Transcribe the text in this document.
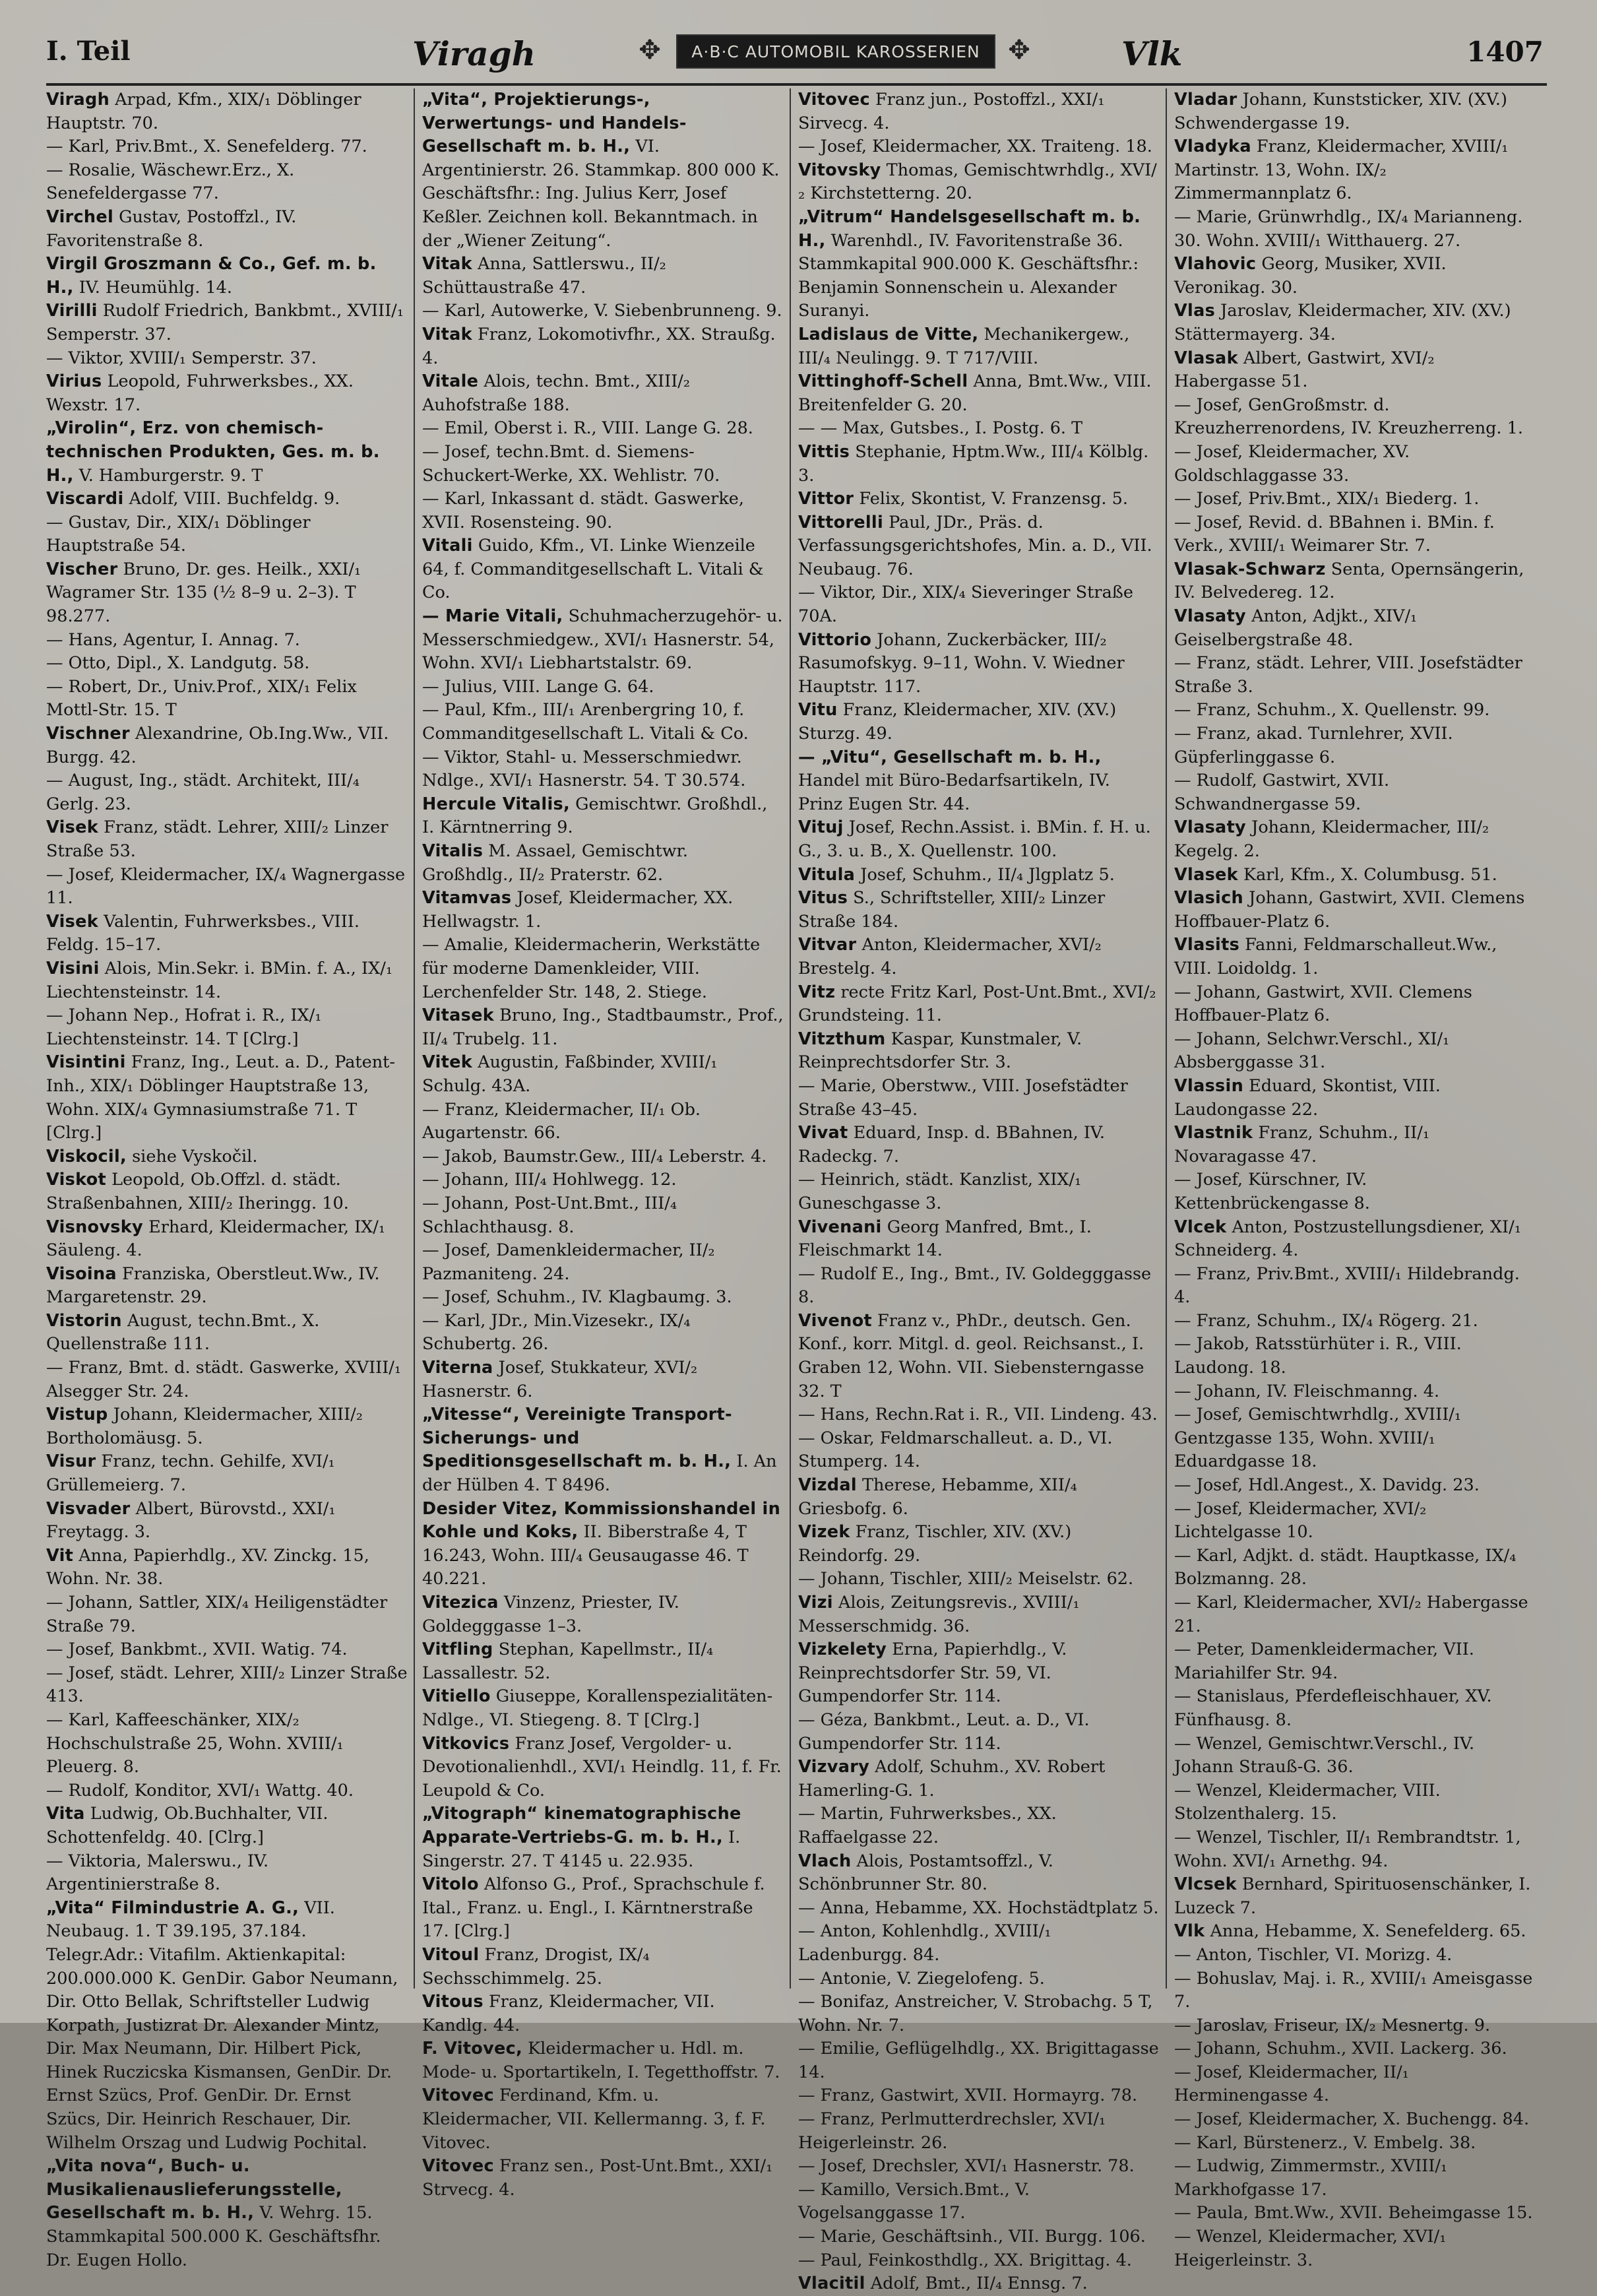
I. Teil	Viragh	✥	A·B·C AUTOMOBIL KAROSSERIEN	✥	Vlk	1407

Viragh Arpad, Kfm., XIX/₁ Döblinger Hauptstr. 70.

— Karl, Priv.Bmt., X. Senefelderg. 77.

— Rosalie, Wäschewr.Erz., X. Senefeldergasse 77.

Virchel Gustav, Postoffzl., IV. Favoritenstraße 8.

Virgil Groszmann & Co., Gef. m. b. H., IV. Heumühlg. 14.

Virilli Rudolf Friedrich, Bankbmt., XVIII/₁ Semperstr. 37.

— Viktor, XVIII/₁ Semperstr. 37.

Virius Leopold, Fuhrwerksbes., XX. Wexstr. 17.

„Virolin“, Erz. von chemisch-technischen Produkten, Ges. m. b. H., V. Hamburgerstr. 9. T

Viscardi Adolf, VIII. Buchfeldg. 9.

— Gustav, Dir., XIX/₁ Döblinger Hauptstraße 54.

Vischer Bruno, Dr. ges. Heilk., XXI/₁ Wagramer Str. 135 (½ 8–9 u. 2–3). T 98.277.

— Hans, Agentur, I. Annag. 7.

— Otto, Dipl., X. Landgutg. 58.

— Robert, Dr., Univ.Prof., XIX/₁ Felix Mottl-Str. 15. T

Vischner Alexandrine, Ob.Ing.Ww., VII. Burgg. 42.

— August, Ing., städt. Architekt, III/₄ Gerlg. 23.

Visek Franz, städt. Lehrer, XIII/₂ Linzer Straße 53.

— Josef, Kleidermacher, IX/₄ Wagnergasse 11.

Visek Valentin, Fuhrwerksbes., VIII. Feldg. 15–17.

Visini Alois, Min.Sekr. i. BMin. f. A., IX/₁ Liechtensteinstr. 14.

— Johann Nep., Hofrat i. R., IX/₁ Liechtensteinstr. 14. T [Clrg.]

Visintini Franz, Ing., Leut. a. D., Patent-Inh., XIX/₁ Döblinger Hauptstraße 13, Wohn. XIX/₄ Gymnasiumstraße 71. T [Clrg.]

Viskocil, siehe Vyskočil.

Viskot Leopold, Ob.Offzl. d. städt. Straßenbahnen, XIII/₂ Iheringg. 10.

Visnovsky Erhard, Kleidermacher, IX/₁ Säuleng. 4.

Visoina Franziska, Oberstleut.Ww., IV. Margaretenstr. 29.

Vistorin August, techn.Bmt., X. Quellenstraße 111.

— Franz, Bmt. d. städt. Gaswerke, XVIII/₁ Alsegger Str. 24.

Vistup Johann, Kleidermacher, XIII/₂ Bortholomäusg. 5.

Visur Franz, techn. Gehilfe, XVI/₁ Grüllemeierg. 7.

Visvader Albert, Bürovstd., XXI/₁ Freytagg. 3.

Vit Anna, Papierhdlg., XV. Zinckg. 15, Wohn. Nr. 38.

— Johann, Sattler, XIX/₄ Heiligenstädter Straße 79.

— Josef, Bankbmt., XVII. Watig. 74.

— Josef, städt. Lehrer, XIII/₂ Linzer Straße 413.

— Karl, Kaffeeschänker, XIX/₂ Hochschulstraße 25, Wohn. XVIII/₁ Pleuerg. 8.

— Rudolf, Konditor, XVI/₁ Wattg. 40.

Vita Ludwig, Ob.Buchhalter, VII. Schottenfeldg. 40. [Clrg.]

— Viktoria, Malerswu., IV. Argentinierstraße 8.

„Vita“ Filmindustrie A. G., VII. Neubaug. 1. T 39.195, 37.184. Telegr.Adr.: Vitafilm. Aktienkapital: 200.000.000 K. GenDir. Gabor Neumann, Dir. Otto Bellak, Schriftsteller Ludwig Korpath, Justizrat Dr. Alexander Mintz, Dir. Max Neumann, Dir. Hilbert Pick, Hinek Ruczicska Kismansen, GenDir. Dr. Ernst Szücs, Prof. GenDir. Dr. Ernst Szücs, Dir. Heinrich Reschauer, Dir. Wilhelm Orszag und Ludwig Pochital.

„Vita nova“, Buch- u. Musikalienauslieferungsstelle, Gesellschaft m. b. H., V. Wehrg. 15. Stammkapital 500.000 K. Geschäftsfhr. Dr. Eugen Hollo.

„Vita“, Projektierungs-, Verwertungs- und Handels-Gesellschaft m. b. H., VI. Argentinierstr. 26. Stammkap. 800 000 K. Geschäftsfhr.: Ing. Julius Kerr, Josef Keßler. Zeichnen koll. Bekanntmach. in der „Wiener Zeitung“.

Vitak Anna, Sattlerswu., II/₂ Schüttaustraße 47.

— Karl, Autowerke, V. Siebenbrunneng. 9.

Vitak Franz, Lokomotivfhr., XX. Straußg. 4.

Vitale Alois, techn. Bmt., XIII/₂ Auhofstraße 188.

— Emil, Oberst i. R., VIII. Lange G. 28.

— Josef, techn.Bmt. d. Siemens-Schuckert-Werke, XX. Wehlistr. 70.

— Karl, Inkassant d. städt. Gaswerke, XVII. Rosensteing. 90.

Vitali Guido, Kfm., VI. Linke Wienzeile 64, f. Commanditgesellschaft L. Vitali & Co.

— Marie Vitali, Schuhmacherzugehör- u. Messerschmiedgew., XVI/₁ Hasnerstr. 54, Wohn. XVI/₁ Liebhartstalstr. 69.

— Julius, VIII. Lange G. 64.

— Paul, Kfm., III/₁ Arenbergring 10, f. Commanditgesellschaft L. Vitali & Co.

— Viktor, Stahl- u. Messerschmiedwr. Ndlge., XVI/₁ Hasnerstr. 54. T 30.574.

Hercule Vitalis, Gemischtwr. Großhdl., I. Kärntnerring 9.

Vitalis M. Assael, Gemischtwr. Großhdlg., II/₂ Praterstr. 62.

Vitamvas Josef, Kleidermacher, XX. Hellwagstr. 1.

— Amalie, Kleidermacherin, Werkstätte für moderne Damenkleider, VIII. Lerchenfelder Str. 148, 2. Stiege.

Vitasek Bruno, Ing., Stadtbaumstr., Prof., II/₄ Trubelg. 11.

Vitek Augustin, Faßbinder, XVIII/₁ Schulg. 43A.

— Franz, Kleidermacher, II/₁ Ob. Augartenstr. 66.

— Jakob, Baumstr.Gew., III/₄ Leberstr. 4.

— Johann, III/₄ Hohlwegg. 12.

— Johann, Post-Unt.Bmt., III/₄ Schlachthausg. 8.

— Josef, Damenkleidermacher, II/₂ Pazmaniteng. 24.

— Josef, Schuhm., IV. Klagbaumg. 3.

— Karl, JDr., Min.Vizesekr., IX/₄ Schubertg. 26.

Viterna Josef, Stukkateur, XVI/₂ Hasnerstr. 6.

„Vitesse“, Vereinigte Transport-Sicherungs- und Speditionsgesellschaft m. b. H., I. An der Hülben 4. T 8496.

Desider Vitez, Kommissionshandel in Kohle und Koks, II. Biberstraße 4, T 16.243, Wohn. III/₄ Geusaugasse 46. T 40.221.

Vitezica Vinzenz, Priester, IV. Goldegggasse 1–3.

Vitfling Stephan, Kapellmstr., II/₄ Lassallestr. 52.

Vitiello Giuseppe, Korallenspezialitäten-Ndlge., VI. Stiegeng. 8. T [Clrg.]

Vitkovics Franz Josef, Vergolder- u. Devotionalienhdl., XVI/₁ Heindlg. 11, f. Fr. Leupold & Co.

„Vitograph“ kinematographische Apparate-Vertriebs-G. m. b. H., I. Singerstr. 27. T 4145 u. 22.935.

Vitolo Alfonso G., Prof., Sprachschule f. Ital., Franz. u. Engl., I. Kärntnerstraße 17. [Clrg.]

Vitoul Franz, Drogist, IX/₄ Sechsschimmelg. 25.

Vitous Franz, Kleidermacher, VII. Kandlg. 44.

F. Vitovec, Kleidermacher u. Hdl. m. Mode- u. Sportartikeln, I. Tegetthoffstr. 7.

Vitovec Ferdinand, Kfm. u. Kleidermacher, VII. Kellermanng. 3, f. F. Vitovec.

Vitovec Franz sen., Post-Unt.Bmt., XXI/₁ Strvecg. 4.

Vitovec Franz jun., Postoffzl., XXI/₁ Sirvecg. 4.

— Josef, Kleidermacher, XX. Traiteng. 18.

Vitovsky Thomas, Gemischtwrhdlg., XVI/₂ Kirchstetterng. 20.

„Vitrum“ Handelsgesellschaft m. b. H., Warenhdl., IV. Favoritenstraße 36. Stammkapital 900.000 K. Geschäftsfhr.: Benjamin Sonnenschein u. Alexander Suranyi.

Ladislaus de Vitte, Mechanikergew., III/₄ Neulingg. 9. T 717/VIII.

Vittinghoff-Schell Anna, Bmt.Ww., VIII. Breitenfelder G. 20.

— — Max, Gutsbes., I. Postg. 6. T

Vittis Stephanie, Hptm.Ww., III/₄ Kölblg. 3.

Vittor Felix, Skontist, V. Franzensg. 5.

Vittorelli Paul, JDr., Präs. d. Verfassungsgerichtshofes, Min. a. D., VII. Neubaug. 76.

— Viktor, Dir., XIX/₄ Sieveringer Straße 70A.

Vittorio Johann, Zuckerbäcker, III/₂ Rasumofskyg. 9–11, Wohn. V. Wiedner Hauptstr. 117.

Vitu Franz, Kleidermacher, XIV. (XV.) Sturzg. 49.

— „Vitu“, Gesellschaft m. b. H., Handel mit Büro-Bedarfsartikeln, IV. Prinz Eugen Str. 44.

Vituj Josef, Rechn.Assist. i. BMin. f. H. u. G., 3. u. B., X. Quellenstr. 100.

Vitula Josef, Schuhm., II/₄ Jlgplatz 5.

Vitus S., Schriftsteller, XIII/₂ Linzer Straße 184.

Vitvar Anton, Kleidermacher, XVI/₂ Brestelg. 4.

Vitz recte Fritz Karl, Post-Unt.Bmt., XVI/₂ Grundsteing. 11.

Vitzthum Kaspar, Kunstmaler, V. Reinprechtsdorfer Str. 3.

— Marie, Oberstww., VIII. Josefstädter Straße 43–45.

Vivat Eduard, Insp. d. BBahnen, IV. Radeckg. 7.

— Heinrich, städt. Kanzlist, XIX/₁ Guneschgasse 3.

Vivenani Georg Manfred, Bmt., I. Fleischmarkt 14.

— Rudolf E., Ing., Bmt., IV. Goldegggasse 8.

Vivenot Franz v., PhDr., deutsch. Gen. Konf., korr. Mitgl. d. geol. Reichsanst., I. Graben 12, Wohn. VII. Siebensterngasse 32. T

— Hans, Rechn.Rat i. R., VII. Lindeng. 43.

— Oskar, Feldmarschalleut. a. D., VI. Stumperg. 14.

Vizdal Therese, Hebamme, XII/₄ Griesbofg. 6.

Vizek Franz, Tischler, XIV. (XV.) Reindorfg. 29.

— Johann, Tischler, XIII/₂ Meiselstr. 62.

Vizi Alois, Zeitungsrevis., XVIII/₁ Messerschmidg. 36.

Vizkelety Erna, Papierhdlg., V. Reinprechtsdorfer Str. 59, VI. Gumpendorfer Str. 114.

— Géza, Bankbmt., Leut. a. D., VI. Gumpendorfer Str. 114.

Vizvary Adolf, Schuhm., XV. Robert Hamerling-G. 1.

— Martin, Fuhrwerksbes., XX. Raffaelgasse 22.

Vlach Alois, Postamtsoffzl., V. Schönbrunner Str. 80.

— Anna, Hebamme, XX. Hochstädtplatz 5.

— Anton, Kohlenhdlg., XVIII/₁ Ladenburgg. 84.

— Antonie, V. Ziegelofeng. 5.

— Bonifaz, Anstreicher, V. Strobachg. 5 T, Wohn. Nr. 7.

— Emilie, Geflügelhdlg., XX. Brigittagasse 14.

— Franz, Gastwirt, XVII. Hormayrg. 78.

— Franz, Perlmutterdrechsler, XVI/₁ Heigerleinstr. 26.

— Josef, Drechsler, XVI/₁ Hasnerstr. 78.

— Kamillo, Versich.Bmt., V. Vogelsanggasse 17.

— Marie, Geschäftsinh., VII. Burgg. 106.

— Paul, Feinkosthdlg., XX. Brigittag. 4.

Vlacitil Adolf, Bmt., II/₄ Ennsg. 7.

Vladar Johann, Kunststicker, XIV. (XV.) Schwendergasse 19.

Vladyka Franz, Kleidermacher, XVIII/₁ Martinstr. 13, Wohn. IX/₂ Zimmermannplatz 6.

— Marie, Grünwrhdlg., IX/₄ Marianneng. 30. Wohn. XVIII/₁ Witthauerg. 27.

Vlahovic Georg, Musiker, XVII. Veronikag. 30.

Vlas Jaroslav, Kleidermacher, XIV. (XV.) Stättermayerg. 34.

Vlasak Albert, Gastwirt, XVI/₂ Habergasse 51.

— Josef, GenGroßmstr. d. Kreuzherrenordens, IV. Kreuzherreng. 1.

— Josef, Kleidermacher, XV. Goldschlaggasse 33.

— Josef, Priv.Bmt., XIX/₁ Biederg. 1.

— Josef, Revid. d. BBahnen i. BMin. f. Verk., XVIII/₁ Weimarer Str. 7.

Vlasak-Schwarz Senta, Opernsängerin, IV. Belvedereg. 12.

Vlasaty Anton, Adjkt., XIV/₁ Geiselbergstraße 48.

— Franz, städt. Lehrer, VIII. Josefstädter Straße 3.

— Franz, Schuhm., X. Quellenstr. 99.

— Franz, akad. Turnlehrer, XVII. Güpferlinggasse 6.

— Rudolf, Gastwirt, XVII. Schwandnergasse 59.

Vlasaty Johann, Kleidermacher, III/₂ Kegelg. 2.

Vlasek Karl, Kfm., X. Columbusg. 51.

Vlasich Johann, Gastwirt, XVII. Clemens Hoffbauer-Platz 6.

Vlasits Fanni, Feldmarschalleut.Ww., VIII. Loidoldg. 1.

— Johann, Gastwirt, XVII. Clemens Hoffbauer-Platz 6.

— Johann, Selchwr.Verschl., XI/₁ Absberggasse 31.

Vlassin Eduard, Skontist, VIII. Laudongasse 22.

Vlastnik Franz, Schuhm., II/₁ Novaragasse 47.

— Josef, Kürschner, IV. Kettenbrückengasse 8.

Vlcek Anton, Postzustellungsdiener, XI/₁ Schneiderg. 4.

— Franz, Priv.Bmt., XVIII/₁ Hildebrandg. 4.

— Franz, Schuhm., IX/₄ Rögerg. 21.

— Jakob, Ratsstürhüter i. R., VIII. Laudong. 18.

— Johann, IV. Fleischmanng. 4.

— Josef, Gemischtwrhdlg., XVIII/₁ Gentzgasse 135, Wohn. XVIII/₁ Eduardgasse 18.

— Josef, Hdl.Angest., X. Davidg. 23.

— Josef, Kleidermacher, XVI/₂ Lichtelgasse 10.

— Karl, Adjkt. d. städt. Hauptkasse, IX/₄ Bolzmanng. 28.

— Karl, Kleidermacher, XVI/₂ Habergasse 21.

— Peter, Damenkleidermacher, VII. Mariahilfer Str. 94.

— Stanislaus, Pferdefleischhauer, XV. Fünfhausg. 8.

— Wenzel, Gemischtwr.Verschl., IV. Johann Strauß-G. 36.

— Wenzel, Kleidermacher, VIII. Stolzenthalerg. 15.

— Wenzel, Tischler, II/₁ Rembrandtstr. 1, Wohn. XVI/₁ Arnethg. 94.

Vlcsek Bernhard, Spirituosenschänker, I. Luzeck 7.

Vlk Anna, Hebamme, X. Senefelderg. 65.

— Anton, Tischler, VI. Morizg. 4.

— Bohuslav, Maj. i. R., XVIII/₁ Ameisgasse 7.

— Jaroslav, Friseur, IX/₂ Mesnertg. 9.

— Johann, Schuhm., XVII. Lackerg. 36.

— Josef, Kleidermacher, II/₁ Herminengasse 4.

— Josef, Kleidermacher, X. Buchengg. 84.

— Karl, Bürstenerz., V. Embelg. 38.

— Ludwig, Zimmermstr., XVIII/₁ Markhofgasse 17.

— Paula, Bmt.Ww., XVII. Beheimgasse 15.

— Wenzel, Kleidermacher, XVI/₁ Heigerleinstr. 3.
